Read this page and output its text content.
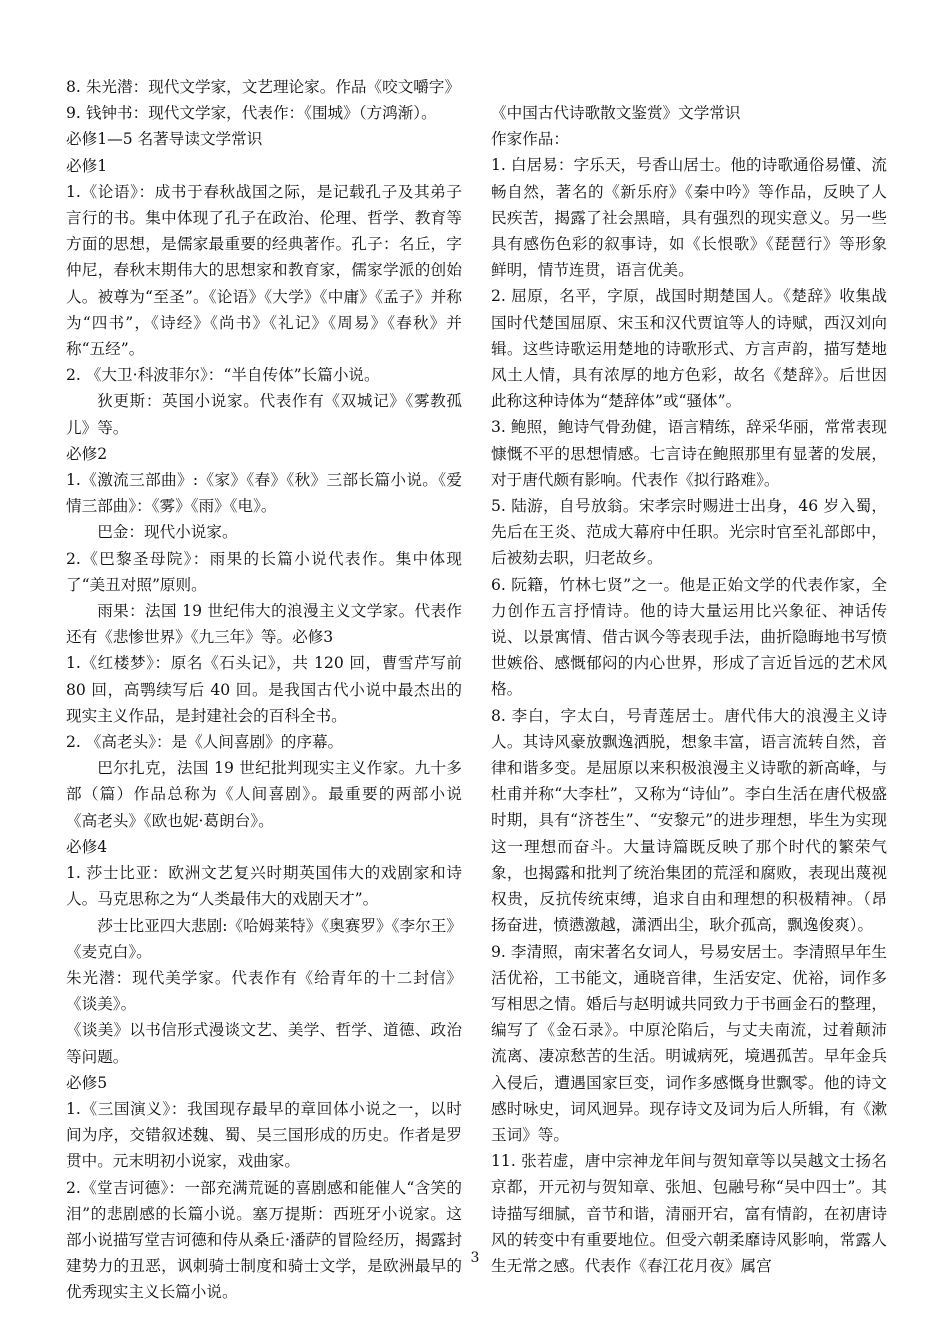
8. 朱光潜：现代文学家，文艺理论家。作品《咬文嚼字》

9. 钱钟书：现代文学家，代表作：《围城》（方鸿渐）。

必修1—5 名著导读文学常识

必修1

1.《论语》：成书于春秋战国之际，是记载孔子及其弟子言行的书。集中体现了孔子在政治、伦理、哲学、教育等方面的思想，是儒家最重要的经典著作。孔子：名丘，字仲尼，春秋末期伟大的思想家和教育家，儒家学派的创始人。被尊为“至圣”。《论语》《大学》《中庸》《孟子》并称为“四书”，《诗经》《尚书》《礼记》《周易》《春秋》并称“五经”。

2. 《大卫·科波菲尔》：“半自传体”长篇小说。

狄更斯：英国小说家。代表作有《双城记》《雾教孤儿》等。

必修2

1.《激流三部曲》:《家》《春》《秋》三部长篇小说。《爱情三部曲》：《雾》《雨》《电》。

巴金：现代小说家。

2.《巴黎圣母院》：雨果的长篇小说代表作。集中体现了“美丑对照”原则。

雨果：法国 19 世纪伟大的浪漫主义文学家。代表作还有《悲惨世界》《九三年》等。必修3

1.《红楼梦》：原名《石头记》，共 120 回，曹雪芹写前 80 回，高鹗续写后 40 回。是我国古代小说中最杰出的现实主义作品，是封建社会的百科全书。

2. 《高老头》：是《人间喜剧》的序幕。

巴尔扎克，法国 19 世纪批判现实主义作家。九十多部（篇）作品总称为《人间喜剧》。最重要的两部小说《高老头》《欧也妮·葛朗台》。

必修4

1. 莎士比亚：欧洲文艺复兴时期英国伟大的戏剧家和诗人。马克思称之为“人类最伟大的戏剧天才”。

莎士比亚四大悲剧:《哈姆莱特》《奥赛罗》《李尔王》《麦克白》。

朱光潜：现代美学家。代表作有《给青年的十二封信》《谈美》。

《谈美》以书信形式漫谈文艺、美学、哲学、道德、政治等问题。

必修5

1.《三国演义》：我国现存最早的章回体小说之一，以时间为序，交错叙述魏、蜀、吴三国形成的历史。作者是罗贯中。元末明初小说家，戏曲家。

2.《堂吉诃德》：一部充满荒诞的喜剧感和能催人“含笑的泪”的悲剧感的长篇小说。塞万提斯：西班牙小说家。这部小说描写堂吉诃德和侍从桑丘·潘萨的冒险经历，揭露封建势力的丑恶，讽刺骑士制度和骑士文学，是欧洲最早的优秀现实主义长篇小说。

《中国古代诗歌散文鉴赏》文学常识

作家作品：

1. 白居易：字乐天，号香山居士。他的诗歌通俗易懂、流畅自然，著名的《新乐府》《秦中吟》等作品，反映了人民疾苦，揭露了社会黑暗，具有强烈的现实意义。另一些具有感伤色彩的叙事诗，如《长恨歌》《琵琶行》等形象鲜明，情节连贯，语言优美。

2. 屈原，名平，字原，战国时期楚国人。《楚辞》收集战国时代楚国屈原、宋玉和汉代贾谊等人的诗赋，西汉刘向辑。这些诗歌运用楚地的诗歌形式、方言声韵，描写楚地风土人情，具有浓厚的地方色彩，故名《楚辞》。后世因此称这种诗体为“楚辞体”或“骚体”。

3. 鲍照，鲍诗气骨劲健，语言精练，辞采华丽，常常表现慷慨不平的思想情感。七言诗在鲍照那里有显著的发展，对于唐代颇有影响。代表作《拟行路难》。

5. 陆游，自号放翁。宋孝宗时赐进士出身，46 岁入蜀，先后在王炎、范成大幕府中任职。光宗时官至礼部郎中，后被劾去职，归老故乡。

6. 阮籍，竹林七贤”之一。他是正始文学的代表作家，全力创作五言抒情诗。他的诗大量运用比兴象征、神话传说、以景寓情、借古讽今等表现手法，曲折隐晦地书写愤世嫉俗、感慨郁闷的内心世界，形成了言近旨远的艺术风格。

8. 李白，字太白，号青莲居士。唐代伟大的浪漫主义诗人。其诗风豪放飘逸洒脱，想象丰富，语言流转自然，音律和谐多变。是屈原以来积极浪漫主义诗歌的新高峰，与杜甫并称“大李杜”，又称为“诗仙”。李白生活在唐代极盛时期，具有“济苍生”、“安黎元”的进步理想，毕生为实现这一理想而奋斗。大量诗篇既反映了那个时代的繁荣气象，也揭露和批判了统治集团的荒淫和腐败，表现出蔑视权贵，反抗传统束缚，追求自由和理想的积极精神。（昂扬奋进，愤懑激越，潇洒出尘，耿介孤高，飘逸俊爽）。

9. 李清照，南宋著名女词人，号易安居士。李清照早年生活优裕，工书能文，通晓音律，生活安定、优裕，词作多写相思之情。婚后与赵明诚共同致力于书画金石的整理，编写了《金石录》。中原沦陷后，与丈夫南流，过着颠沛流离、凄凉愁苦的生活。明诚病死，境遇孤苦。早年金兵入侵后，遭遇国家巨变，词作多感慨身世飘零。他的诗文感时咏史，词风迥异。现存诗文及词为后人所辑，有《漱玉词》等。

11. 张若虚，唐中宗神龙年间与贺知章等以吴越文士扬名京都，开元初与贺知章、张旭、包融号称“吴中四士”。其诗描写细腻，音节和谐，清丽开宕，富有情韵，在初唐诗风的转变中有重要地位。但受六朝柔靡诗风影响，常露人生无常之感。代表作《春江花月夜》属宫

3
